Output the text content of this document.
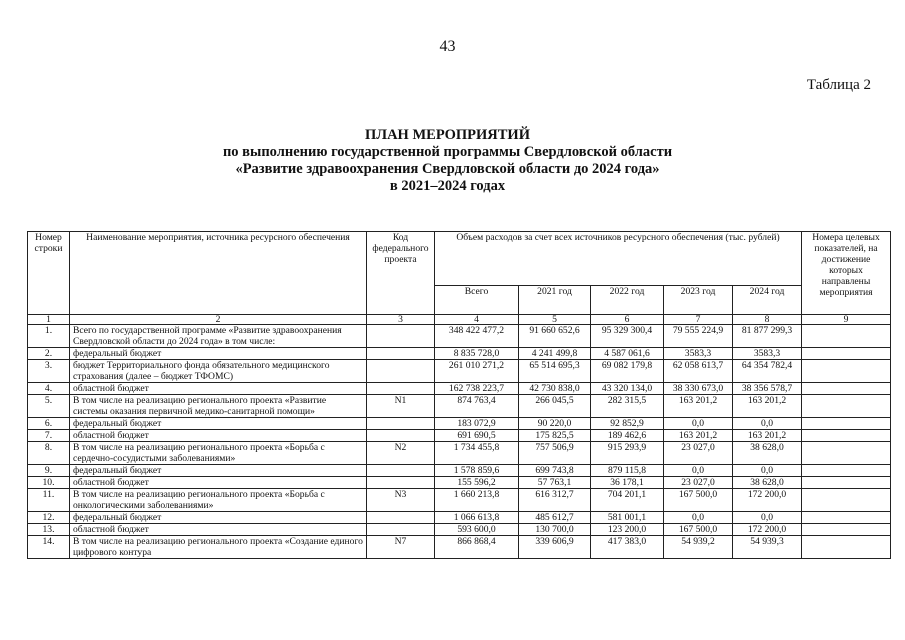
43
Таблица 2
ПЛАН МЕРОПРИЯТИЙ
по выполнению государственной программы Свердловской области
«Развитие здравоохранения Свердловской области до 2024 года»
в 2021–2024 годах
Номер строки	Наименование мероприятия, источника ресурсного обеспечения	Код федерального проекта	Объем расходов за счет всех источников ресурсного обеспечения (тыс. рублей)					Номера целевых показателей, на достижение которых направлены мероприятия
			Всего	2021 год	2022 год	2023 год	2024 год	
1	2	3	4	5	6	7	8	9
1.	Всего по государственной программе «Развитие здравоохранения Свердловской области до 2024 года» в том числе:		348 422 477,2	91 660 652,6	95 329 300,4	79 555 224,9	81 877 299,3	
2.	федеральный бюджет		8 835 728,0	4 241 499,8	4 587 061,6	3583,3	3583,3	
3.	бюджет Территориального фонда обязательного медицинского страхования (далее – бюджет ТФОМС)		261 010 271,2	65 514 695,3	69 082 179,8	62 058 613,7	64 354 782,4	
4.	областной бюджет		162 738 223,7	42 730 838,0	43 320 134,0	38 330 673,0	38 356 578,7	
5.	В том числе на реализацию регионального проекта «Развитие системы оказания первичной медико-санитарной помощи»	N1	874 763,4	266 045,5	282 315,5	163 201,2	163 201,2	
6.	федеральный бюджет		183 072,9	90 220,0	92 852,9	0,0	0,0	
7.	областной бюджет		691 690,5	175 825,5	189 462,6	163 201,2	163 201,2	
8.	В том числе на реализацию регионального проекта «Борьба с сердечно-сосудистыми заболеваниями»	N2	1 734 455,8	757 506,9	915 293,9	23 027,0	38 628,0	
9.	федеральный бюджет		1 578 859,6	699 743,8	879 115,8	0,0	0,0	
10.	областной бюджет		155 596,2	57 763,1	36 178,1	23 027,0	38 628,0	
11.	В том числе на реализацию регионального проекта «Борьба с онкологическими заболеваниями»	N3	1 660 213,8	616 312,7	704 201,1	167 500,0	172 200,0	
12.	федеральный бюджет		1 066 613,8	485 612,7	581 001,1	0,0	0,0	
13.	областной бюджет		593 600,0	130 700,0	123 200,0	167 500,0	172 200,0	
14.	В том числе на реализацию регионального проекта «Создание единого цифрового контура	N7	866 868,4	339 606,9	417 383,0	54 939,2	54 939,3	
